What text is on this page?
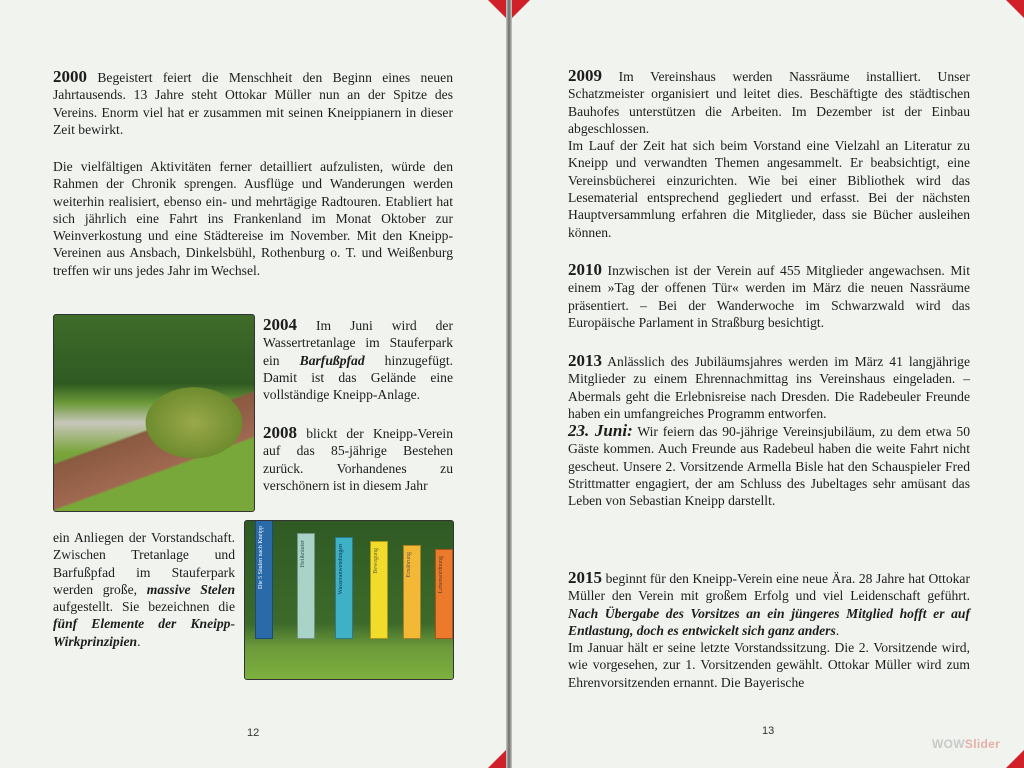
2000 Begeistert feiert die Menschheit den Beginn eines neuen Jahrtausends. 13 Jahre steht Ottokar Müller nun an der Spitze des Vereins. Enorm viel hat er zusammen mit seinen Kneippianern in dieser Zeit bewirkt.

Die vielfältigen Aktivitäten ferner detailliert aufzulisten, würde den Rahmen der Chronik sprengen. Ausflüge und Wanderungen werden weiterhin realisiert, ebenso ein- und mehrtägige Radtouren. Etabliert hat sich jährlich eine Fahrt ins Frankenland im Monat Oktober zur Weinverkostung und eine Städtereise im November. Mit den Kneipp-Vereinen aus Ansbach, Dinkelsbühl, Rothenburg o. T. und Weißenburg treffen wir uns jedes Jahr im Wechsel.

2004 Im Juni wird der Wassertretanlage im Stauferpark ein Barfußpfad hinzugefügt. Damit ist das Gelände eine vollständige Kneipp-Anlage.

2008 blickt der Kneipp-Verein auf das 85-jährige Bestehen zurück. Vorhandenes zu verschönern ist in diesem Jahr

ein Anliegen der Vorstandschaft. Zwischen Tretanlage und Barfußpfad im Stauferpark werden große, massive Stelen aufgestellt. Sie bezeichnen die fünf Elemente der Kneipp-Wirkprinzipien.

Die 5 Säulen nach Kneipp	Heilkräuter	Wasseranwendungen	Bewegung	Ernährung	Lebensordnung
12

2009 Im Vereinshaus werden Nassräume installiert. Unser Schatzmeister organisiert und leitet dies. Beschäftigte des städtischen Bauhofes unterstützen die Arbeiten. Im Dezember ist der Einbau abgeschlossen.

Im Lauf der Zeit hat sich beim Vorstand eine Vielzahl an Literatur zu Kneipp und verwandten Themen angesammelt. Er beabsichtigt, eine Vereinsbücherei einzurichten. Wie bei einer Bibliothek wird das Lesematerial entsprechend gegliedert und erfasst. Bei der nächsten Hauptversammlung erfahren die Mitglieder, dass sie Bücher ausleihen können.

2010 Inzwischen ist der Verein auf 455 Mitglieder angewachsen. Mit einem »Tag der offenen Tür« werden im März die neuen Nassräume präsentiert. – Bei der Wanderwoche im Schwarzwald wird das Europäische Parlament in Straßburg besichtigt.

2013 Anlässlich des Jubiläumsjahres werden im März 41 langjährige Mitglieder zu einem Ehrennachmittag ins Vereinshaus eingeladen. – Abermals geht die Erlebnisreise nach Dresden. Die Radebeuler Freunde haben ein umfangreiches Programm entworfen.

23. Juni: Wir feiern das 90-jährige Vereinsjubiläum, zu dem etwa 50 Gäste kommen. Auch Freunde aus Radebeul haben die weite Fahrt nicht gescheut. Unsere 2. Vorsitzende Armella Bisle hat den Schauspieler Fred Strittmatter engagiert, der am Schluss des Jubeltages sehr amüsant das Leben von Sebastian Kneipp darstellt.

2015 beginnt für den Kneipp-Verein eine neue Ära. 28 Jahre hat Ottokar Müller den Verein mit großem Erfolg und viel Leidenschaft geführt. Nach Übergabe des Vorsitzes an ein jüngeres Mitglied hofft er auf Entlastung, doch es entwickelt sich ganz anders.

Im Januar hält er seine letzte Vorstandssitzung. Die 2. Vorsitzende wird, wie vorgesehen, zur 1. Vorsitzenden gewählt. Ottokar Müller wird zum Ehrenvorsitzenden ernannt. Die Bayerische

13
WOWSlider
